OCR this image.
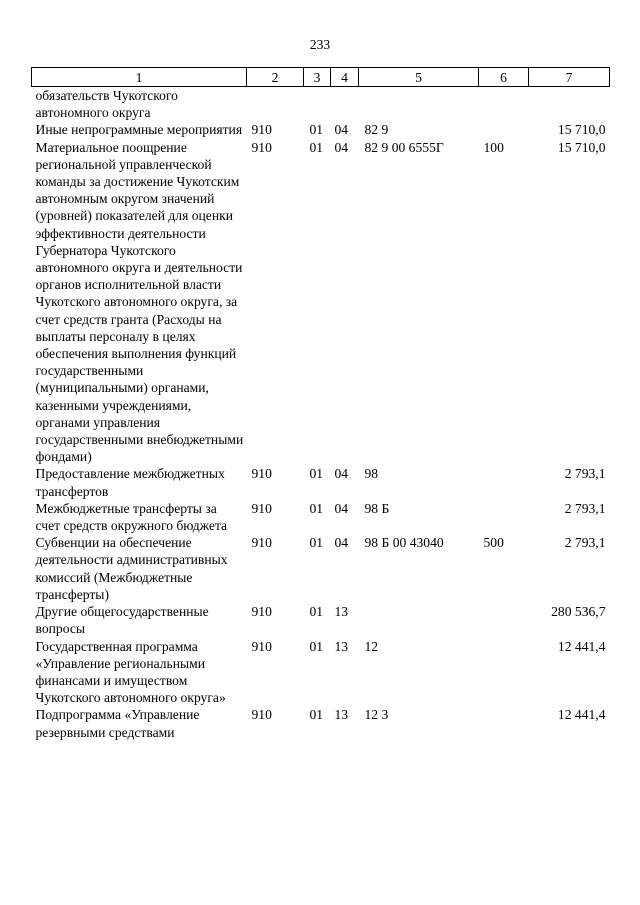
233
1	2	3	4	5	6	7
обязательств Чукотского автономного округа						
Иные непрограммные мероприятия	910	01	04	82 9		15 710,0
Материальное поощрение региональной управленческой команды за достижение Чукотским автономным округом значений (уровней) показателей для оценки эффективности деятельности Губернатора Чукотского автономного округа и деятельности органов исполнительной власти Чукотского автономного округа, за счет средств гранта (Расходы на выплаты персоналу в целях обеспечения выполнения функций государственными (муниципальными) органами, казенными учреждениями, органами управления государственными внебюджетными фондами)	910	01	04	82 9 00 6555Г	100	15 710,0
Предоставление межбюджетных трансфертов	910	01	04	98		2 793,1
Межбюджетные трансферты за счет средств окружного бюджета	910	01	04	98 Б		2 793,1
Субвенции на обеспечение деятельности административных комиссий (Межбюджетные трансферты)	910	01	04	98 Б 00 43040	500	2 793,1
Другие общегосударственные вопросы	910	01	13			280 536,7
Государственная программа «Управление региональными финансами и имуществом Чукотского автономного округа»	910	01	13	12		12 441,4
Подпрограмма «Управление резервными средствами	910	01	13	12 3		12 441,4
